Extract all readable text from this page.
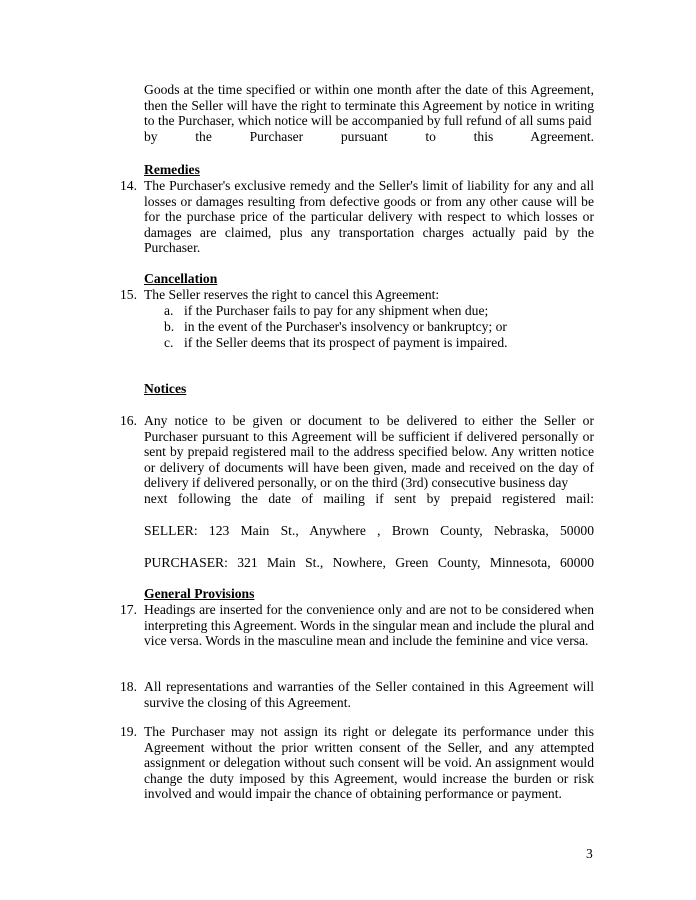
Goods at the time specified or within one month after the date of this Agreement, then the Seller will have the right to terminate this Agreement by notice in writing to the Purchaser, which notice will be accompanied by full refund of all sums paid

by the Purchaser pursuant to this Agreement.

Remedies
14. The Purchaser's exclusive remedy and the Seller's limit of liability for any and all losses or damages resulting from defective goods or from any other cause will be for the purchase price of the particular delivery with respect to which losses or damages are claimed, plus any transportation charges actually paid by the Purchaser.

Cancellation
15. The Seller reserves the right to cancel this Agreement:

a. if the Purchaser fails to pay for any shipment when due;

b. in the event of the Purchaser's insolvency or bankruptcy; or

c. if the Seller deems that its prospect of payment is impaired.

Notices
16. Any notice to be given or document to be delivered to either the Seller or Purchaser pursuant to this Agreement will be sufficient if delivered personally or sent by prepaid registered mail to the address specified below. Any written notice or delivery of documents will have been given, made and received on the day of delivery if delivered personally, or on the third (3rd) consecutive business day

next following the date of mailing if sent by prepaid registered mail:

SELLER: 123 Main St., Anywhere , Brown County, Nebraska, 50000
PURCHASER: 321 Main St., Nowhere, Green County, Minnesota, 60000
General Provisions
17. Headings are inserted for the convenience only and are not to be considered when interpreting this Agreement. Words in the singular mean and include the plural and vice versa. Words in the masculine mean and include the feminine and vice versa.

18. All representations and warranties of the Seller contained in this Agreement will survive the closing of this Agreement.

19. The Purchaser may not assign its right or delegate its performance under this Agreement without the prior written consent of the Seller, and any attempted assignment or delegation without such consent will be void. An assignment would change the duty imposed by this Agreement, would increase the burden or risk involved and would impair the chance of obtaining performance or payment.

3
